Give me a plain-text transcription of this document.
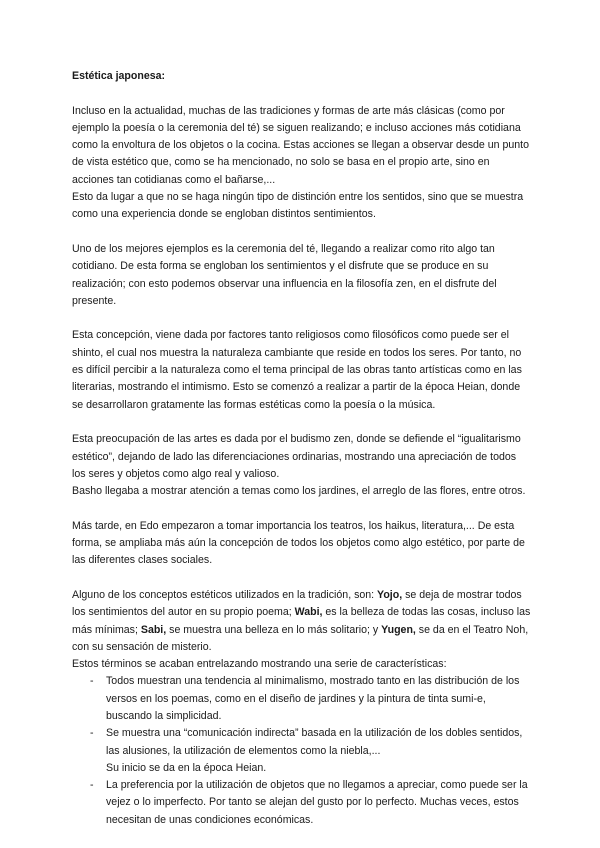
Estética japonesa:

Incluso en la actualidad, muchas de las tradiciones y formas de arte más clásicas (como por ejemplo la poesía o la ceremonia del té) se siguen realizando; e incluso acciones más cotidiana como la envoltura de los objetos o la cocina. Estas acciones se llegan a observar desde un punto de vista estético que, como se ha mencionado, no solo se basa en el propio arte, sino en acciones tan cotidianas como el bañarse,...

Esto da lugar a que no se haga ningún tipo de distinción entre los sentidos, sino que se muestra como una experiencia donde se engloban distintos sentimientos.

Uno de los mejores ejemplos es la ceremonia del té, llegando a realizar como rito algo tan cotidiano. De esta forma se engloban los sentimientos y el disfrute que se produce en su realización; con esto podemos observar una influencia en la filosofía zen, en el disfrute del presente.

Esta concepción, viene dada por factores tanto religiosos como filosóficos como puede ser el shinto, el cual nos muestra la naturaleza cambiante que reside en todos los seres. Por tanto, no es difícil percibir a la naturaleza como el tema principal de las obras tanto artísticas como en las literarias, mostrando el intimismo. Esto se comenzó a realizar a partir de la época Heian, donde se desarrollaron gratamente las formas estéticas como la poesía o la música.

Esta preocupación de las artes es dada por el budismo zen, donde se defiende el “igualitarismo estético”, dejando de lado las diferenciaciones ordinarias, mostrando una apreciación de todos los seres y objetos como algo real y valioso.

Basho llegaba a mostrar atención a temas como los jardines, el arreglo de las flores, entre otros.

Más tarde, en Edo empezaron a tomar importancia los teatros, los haikus, literatura,... De esta forma, se ampliaba más aún la concepción de todos los objetos como algo estético, por parte de las diferentes clases sociales.

Alguno de los conceptos estéticos utilizados en la tradición, son: Yojo, se deja de mostrar todos los sentimientos del autor en su propio poema; Wabi, es la belleza de todas las cosas, incluso las más mínimas; Sabi, se muestra una belleza en lo más solitario; y Yugen, se da en el Teatro Noh, con su sensación de misterio.

Estos términos se acaban entrelazando mostrando una serie de características:

- Todos muestran una tendencia al minimalismo, mostrado tanto en las distribución de los versos en los poemas, como en el diseño de jardines y la pintura de tinta sumi-e, buscando la simplicidad.
- Se muestra una “comunicación indirecta” basada en la utilización de los dobles sentidos, las alusiones, la utilización de elementos como la niebla,...
Su inicio se da en la época Heian.
- La preferencia por la utilización de objetos que no llegamos a apreciar, como puede ser la vejez o lo imperfecto. Por tanto se alejan del gusto por lo perfecto. Muchas veces, estos necesitan de unas condiciones económicas.
